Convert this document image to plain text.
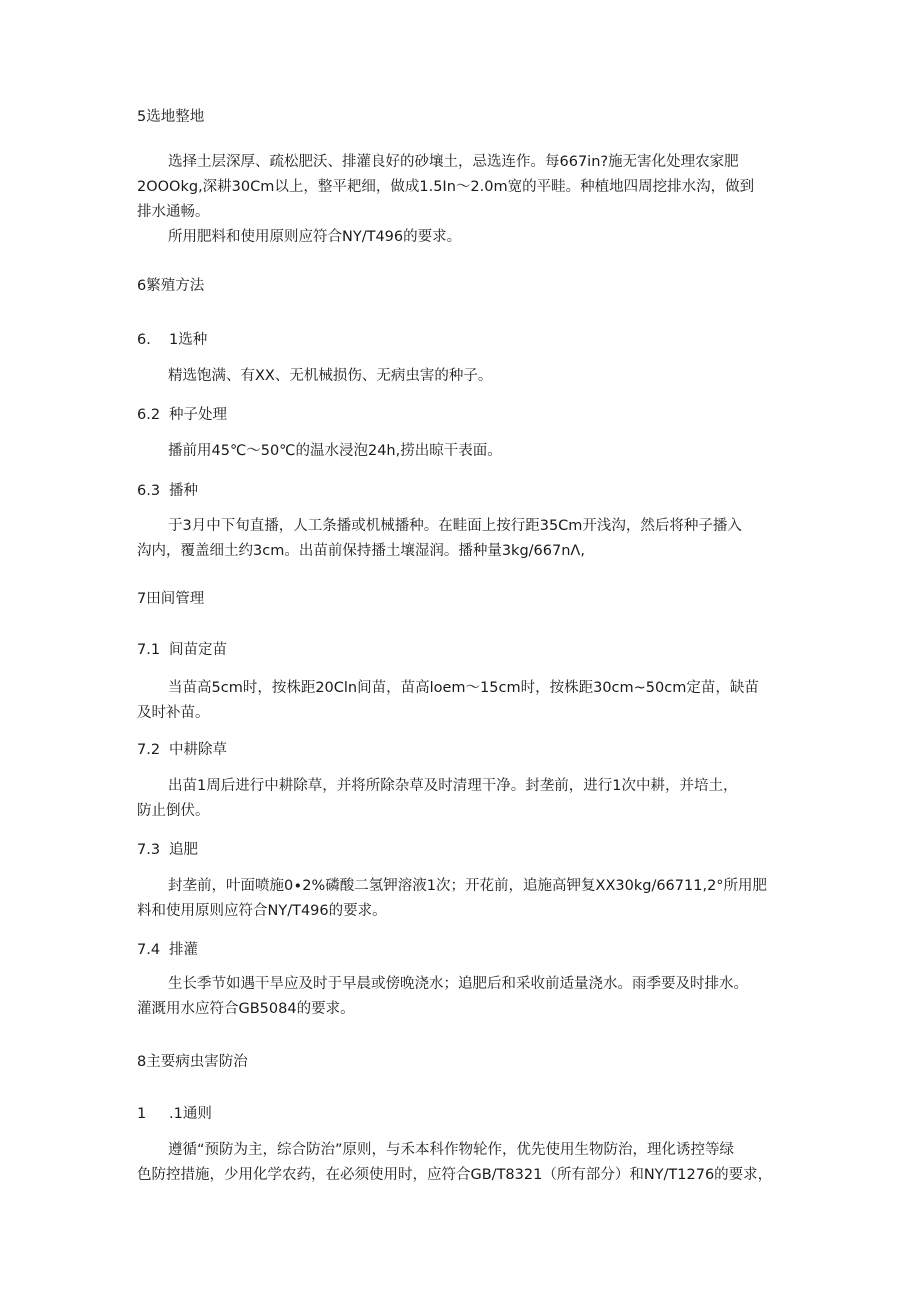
5选地整地

选择土层深厚、疏松肥沃、排灌良好的砂壤土，忌选连作。每667in?施无害化处理农家肥

2OOOkg,深耕30Cm以上，整平耙细，做成1.5In～2.0m宽的平畦。种植地四周挖排水沟，做到

排水通畅。

所用肥料和使用原则应符合NY/T496的要求。

6繁殖方法

6. 1选种

精选饱满、有XX、无机械损伤、无病虫害的种子。

6.2 种子处理

播前用45℃～50℃的温水浸泡24h,捞出晾干表面。

6.3 播种

于3月中下旬直播，人工条播或机械播种。在畦面上按行距35Cm开浅沟，然后将种子播入

沟内，覆盖细土约3cm。出苗前保持播土壤湿润。播种量3kg∕667nΛ,

7田间管理

7.1 间苗定苗

当苗高5cm时，按株距20Cln间苗，苗高loem～15cm时，按株距30cm~50cm定苗，缺苗

及时补苗。

7.2 中耕除草

出苗1周后进行中耕除草，并将所除杂草及时清理干净。封垄前，进行1次中耕，并培土，

防止倒伏。

7.3 追肥

封垄前，叶面喷施0∙2%磷酸二氢钾溶液1次；开花前，追施高钾复XX30kg∕66711,2°所用肥

料和使用原则应符合NY/T496的要求。

7.4 排灌

生长季节如遇干旱应及时于早晨或傍晚浇水；追肥后和采收前适量浇水。雨季要及时排水。

灌溉用水应符合GB5084的要求。

8主要病虫害防治

1 .1通则

遵循“预防为主，综合防治”原则，与禾本科作物轮作，优先使用生物防治，理化诱控等绿

色防控措施，少用化学农药，在必须使用时，应符合GB/T8321（所有部分）和NY/T1276的要求，
